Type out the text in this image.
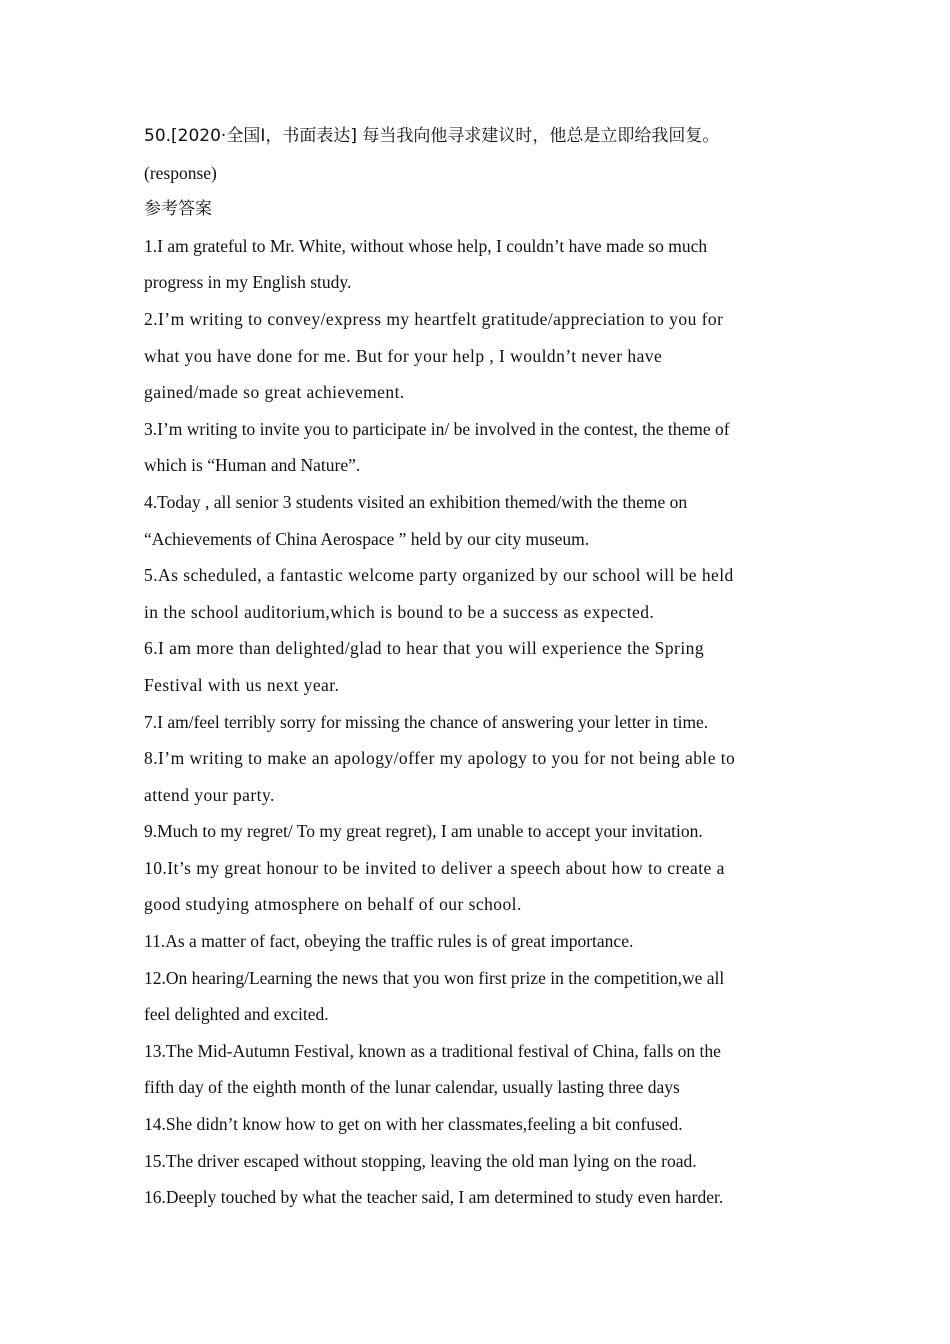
50.[2020·全国Ⅰ，书面表达] 每当我向他寻求建议时，他总是立即给我回复。
(response)
参考答案
1.I am grateful to Mr. White, without whose help, I couldn’t have made so much
progress in my English study.
2.I’m writing to convey/express my heartfelt gratitude/appreciation to you for
what you have done for me. But for your help , I wouldn’t never have
gained/made so great achievement.
3.I’m writing to invite you to participate in/ be involved in the contest, the theme of
which is “Human and Nature”.
4.Today , all senior 3 students visited an exhibition themed/with the theme on
“Achievements of China Aerospace ” held by our city museum.
5.As scheduled, a fantastic welcome party organized by our school will be held
in the school auditorium,which is bound to be a success as expected.
6.I am more than delighted/glad to hear that you will experience the Spring
Festival with us next year.
7.I am/feel terribly sorry for missing the chance of answering your letter in time.
8.I’m writing to make an apology/offer my apology to you for not being able to
attend your party.
9.Much to my regret/ To my great regret), I am unable to accept your invitation.
10.It’s my great honour to be invited to deliver a speech about how to create a
good studying atmosphere on behalf of our school.
11.As a matter of fact, obeying the traffic rules is of great importance.
12.On hearing/Learning the news that you won first prize in the competition,we all
feel delighted and excited.
13.The Mid-Autumn Festival, known as a traditional festival of China, falls on the
fifth day of the eighth month of the lunar calendar, usually lasting three days
14.She didn’t know how to get on with her classmates,feeling a bit confused.
15.The driver escaped without stopping, leaving the old man lying on the road.
16.Deeply touched by what the teacher said, I am determined to study even harder.
